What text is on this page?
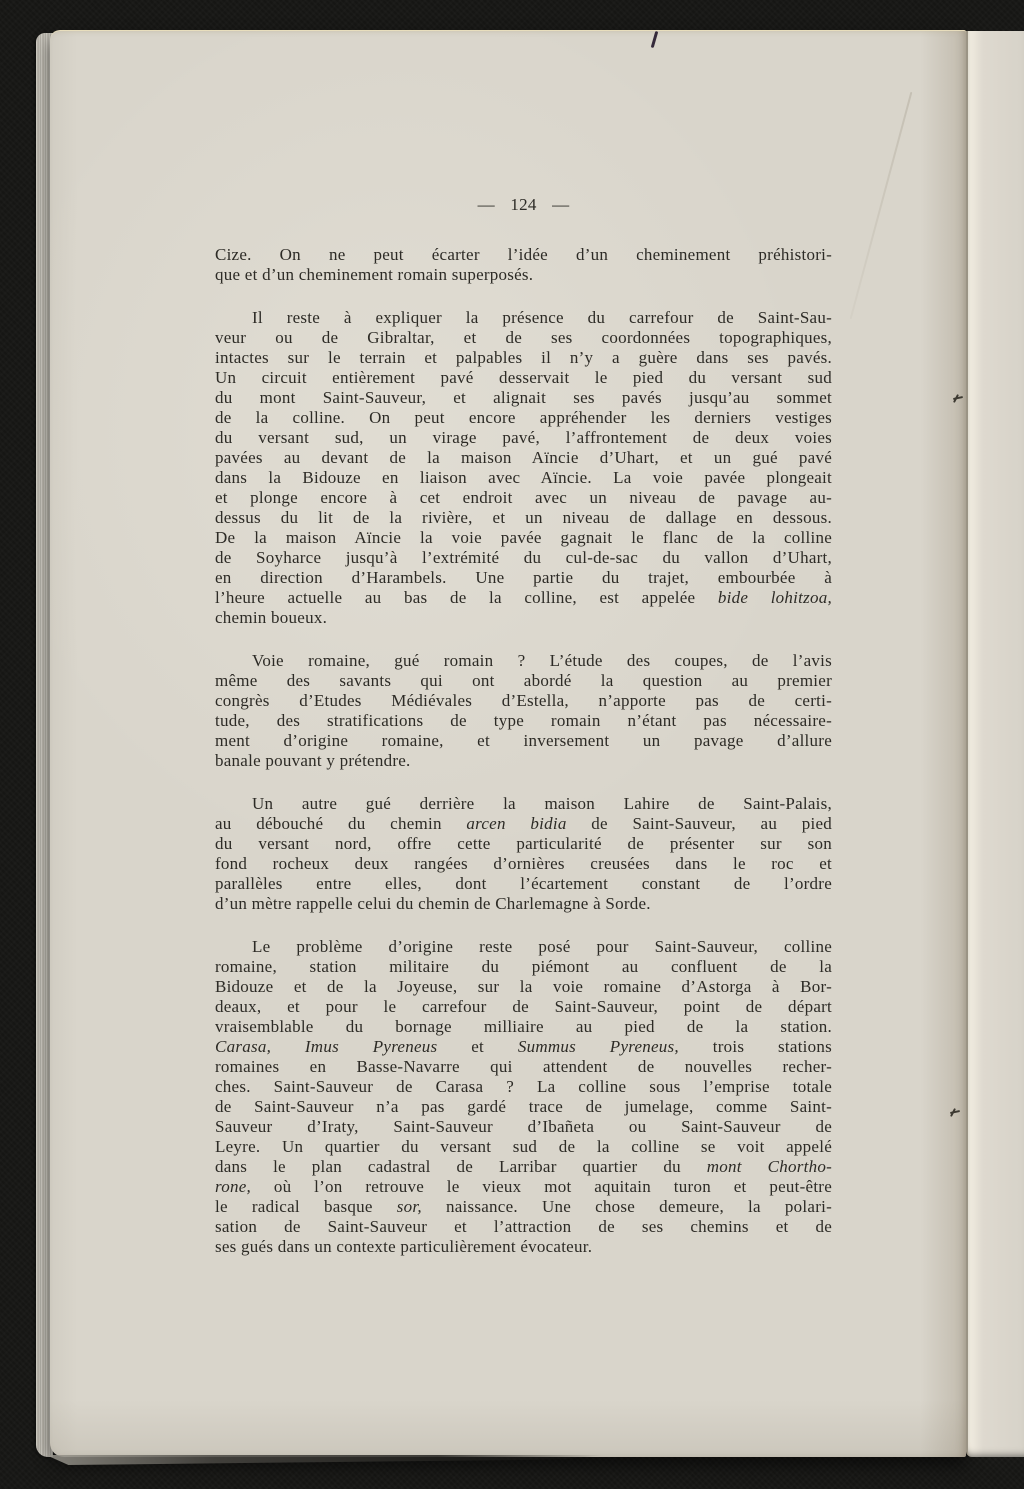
— 124 —
Cize. On ne peut écarter l’idée d’un cheminement préhistori-
que et d’un cheminement romain superposés.
Il reste à expliquer la présence du carrefour de Saint-Sau-
veur ou de Gibraltar, et de ses coordonnées topographiques,
intactes sur le terrain et palpables il n’y a guère dans ses pavés.
Un circuit entièrement pavé desservait le pied du versant sud
du mont Saint-Sauveur, et alignait ses pavés jusqu’au sommet
de la colline. On peut encore appréhender les derniers vestiges
du versant sud, un virage pavé, l’affrontement de deux voies
pavées au devant de la maison Aïncie d’Uhart, et un gué pavé
dans la Bidouze en liaison avec Aïncie. La voie pavée plongeait
et plonge encore à cet endroit avec un niveau de pavage au-
dessus du lit de la rivière, et un niveau de dallage en dessous.
De la maison Aïncie la voie pavée gagnait le flanc de la colline
de Soyharce jusqu’à l’extrémité du cul-de-sac du vallon d’Uhart,
en direction d’Harambels. Une partie du trajet, embourbée à
l’heure actuelle au bas de la colline, est appelée bide lohitzoa,
chemin boueux.
Voie romaine, gué romain ? L’étude des coupes, de l’avis
même des savants qui ont abordé la question au premier
congrès d’Etudes Médiévales d’Estella, n’apporte pas de certi-
tude, des stratifications de type romain n’étant pas nécessaire-
ment d’origine romaine, et inversement un pavage d’allure
banale pouvant y prétendre.
Un autre gué derrière la maison Lahire de Saint-Palais,
au débouché du chemin arcen bidia de Saint-Sauveur, au pied
du versant nord, offre cette particularité de présenter sur son
fond rocheux deux rangées d’ornières creusées dans le roc et
parallèles entre elles, dont l’écartement constant de l’ordre
d’un mètre rappelle celui du chemin de Charlemagne à Sorde.
Le problème d’origine reste posé pour Saint-Sauveur, colline
romaine, station militaire du piémont au confluent de la
Bidouze et de la Joyeuse, sur la voie romaine d’Astorga à Bor-
deaux, et pour le carrefour de Saint-Sauveur, point de départ
vraisemblable du bornage milliaire au pied de la station.
Carasa, Imus Pyreneus et Summus Pyreneus, trois stations
romaines en Basse-Navarre qui attendent de nouvelles recher-
ches. Saint-Sauveur de Carasa ? La colline sous l’emprise totale
de Saint-Sauveur n’a pas gardé trace de jumelage, comme Saint-
Sauveur d’Iraty, Saint-Sauveur d’Ibañeta ou Saint-Sauveur de
Leyre. Un quartier du versant sud de la colline se voit appelé
dans le plan cadastral de Larribar quartier du mont Chortho-
rone, où l’on retrouve le vieux mot aquitain turon et peut-être
le radical basque sor, naissance. Une chose demeure, la polari-
sation de Saint-Sauveur et l’attraction de ses chemins et de
ses gués dans un contexte particulièrement évocateur.
